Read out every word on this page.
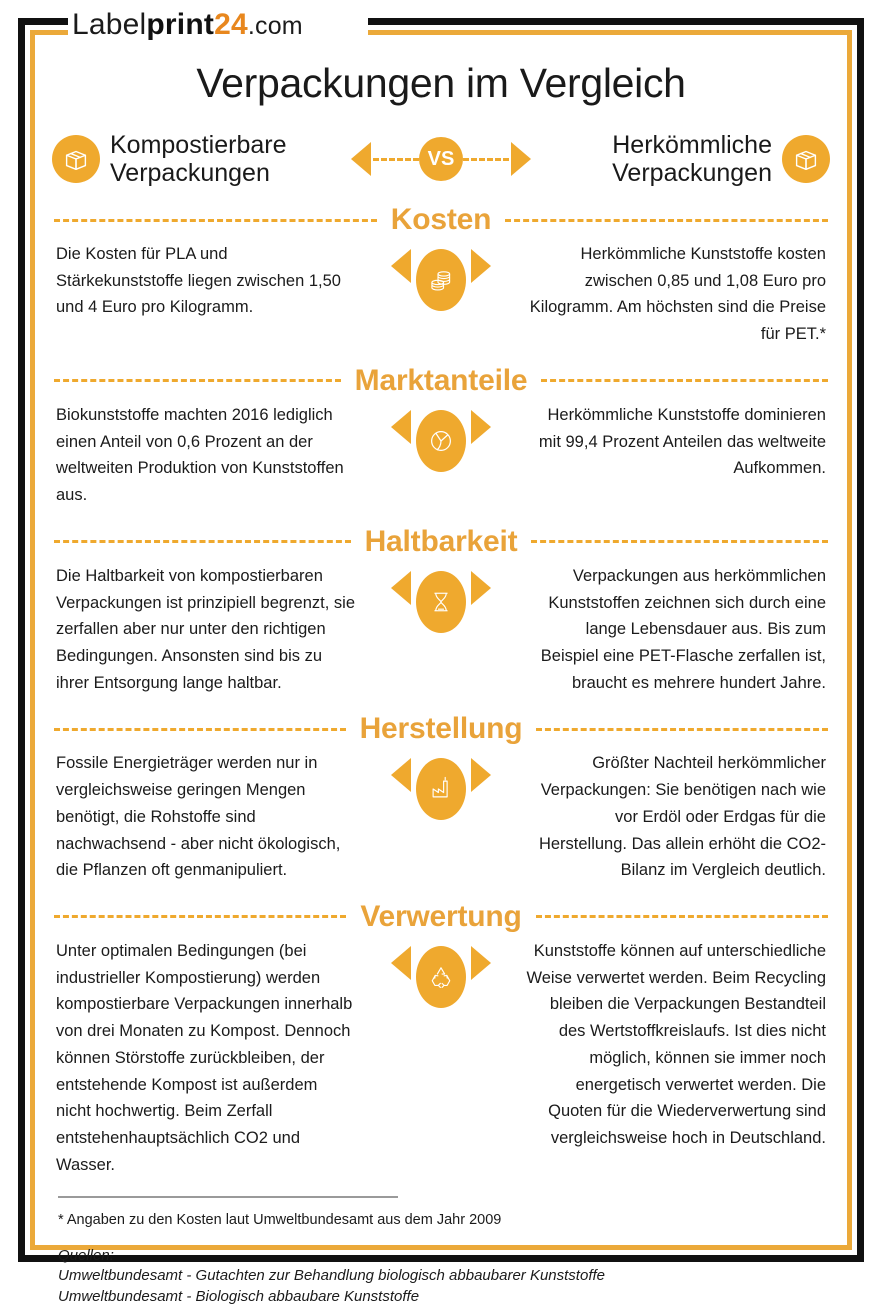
Labelprint24.com
Verpackungen im Vergleich
Kompostierbare
Verpackungen
VS	Herkömmliche
Verpackungen
Kosten
Die Kosten für PLA und Stärkekunststoffe liegen zwischen 1,50 und 4 Euro pro Kilogramm.
Herkömmliche Kunststoffe kosten zwischen 0,85 und 1,08 Euro pro Kilogramm. Am höchsten sind die Preise für PET.*
Marktanteile
Biokunststoffe machten 2016 lediglich einen Anteil von 0,6 Prozent an der weltweiten Produktion von Kunststoffen aus.
Herkömmliche Kunststoffe dominieren mit 99,4 Prozent Anteilen das weltweite Aufkommen.
Haltbarkeit
Die Haltbarkeit von kompostierbaren Verpackungen ist prinzipiell begrenzt, sie zerfallen aber nur unter den richtigen Bedingungen. Ansonsten sind bis zu ihrer Entsorgung lange haltbar.
Verpackungen aus herkömmlichen Kunststoffen zeichnen sich durch eine lange Lebensdauer aus. Bis zum Beispiel eine PET-Flasche zerfallen ist, braucht es mehrere hundert Jahre.
Herstellung
Fossile Energieträger werden nur in vergleichsweise geringen Mengen benötigt, die Rohstoffe sind nachwachsend - aber nicht ökologisch, die Pflanzen oft genmanipuliert.
Größter Nachteil herkömmlicher Verpackungen: Sie benötigen nach wie vor Erdöl oder Erdgas für die Herstellung. Das allein erhöht die CO2-Bilanz im Vergleich deutlich.
Verwertung
Unter optimalen Bedingungen (bei industrieller Kompostierung) werden kompostierbare Verpackungen innerhalb von drei Monaten zu Kompost. Dennoch können Störstoffe zurückbleiben, der entstehende Kompost ist außerdem nicht hochwertig. Beim Zerfall entstehenhauptsächlich CO2 und Wasser.
Kunststoffe können auf unterschiedliche Weise verwertet werden. Beim Recycling bleiben die Verpackungen Bestandteil des Wertstoffkreislaufs. Ist dies nicht möglich, können sie immer noch energetisch verwertet werden. Die Quoten für die Wiederverwertung sind vergleichsweise hoch in Deutschland.
* Angaben zu den Kosten laut Umweltbundesamt aus dem Jahr 2009
Quellen:
Umweltbundesamt - Gutachten zur Behandlung biologisch abbaubarer Kunststoffe
Umweltbundesamt - Biologisch abbaubare Kunststoffe
